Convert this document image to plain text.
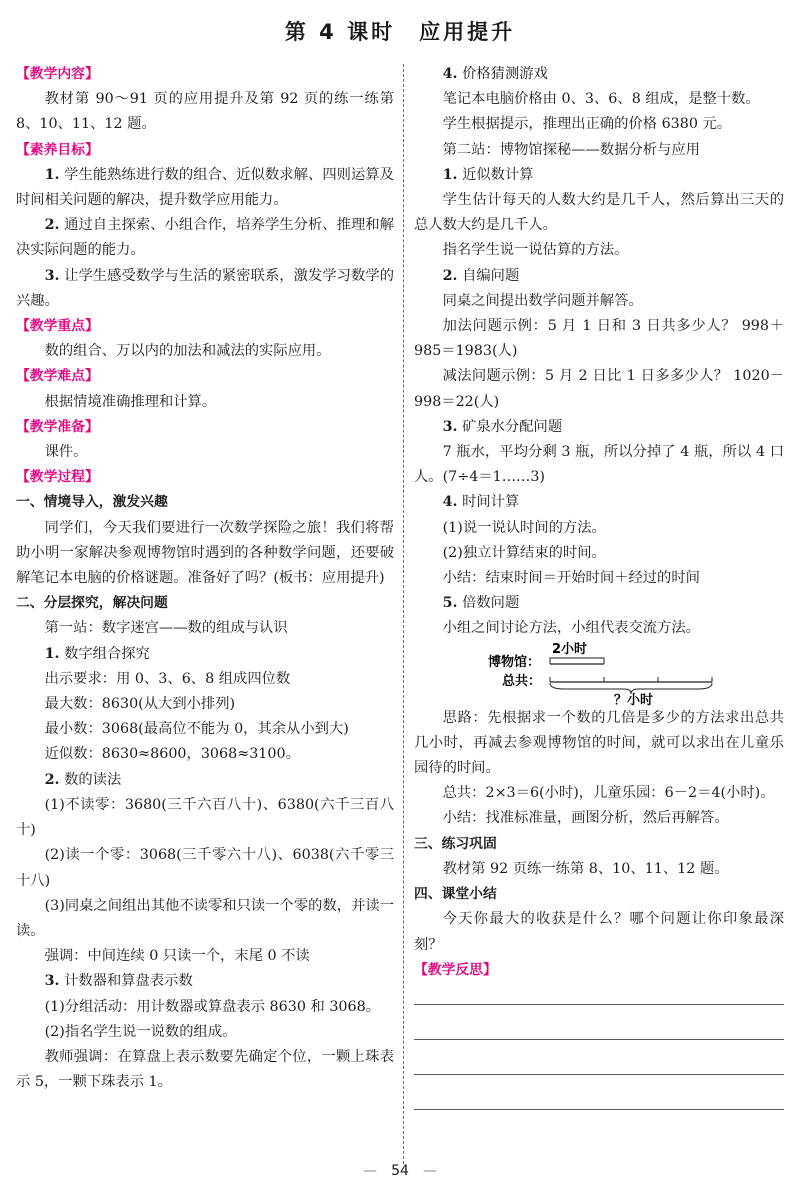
第 4 课时　应用提升

【教学内容】

教材第 90～91 页的应用提升及第 92 页的练一练第 8、10、11、12 题。

【素养目标】

1. 学生能熟练进行数的组合、近似数求解、四则运算及时间相关问题的解决，提升数学应用能力。

2. 通过自主探索、小组合作，培养学生分析、推理和解决实际问题的能力。

3. 让学生感受数学与生活的紧密联系，激发学习数学的兴趣。

【教学重点】

数的组合、万以内的加法和减法的实际应用。

【教学难点】

根据情境准确推理和计算。

【教学准备】

课件。

【教学过程】

一、情境导入，激发兴趣

同学们，今天我们要进行一次数学探险之旅！我们将帮助小明一家解决参观博物馆时遇到的各种数学问题，还要破解笔记本电脑的价格谜题。准备好了吗？(板书：应用提升)

二、分层探究，解决问题

第一站：数字迷宫——数的组成与认识

1. 数字组合探究

出示要求：用 0、3、6、8 组成四位数

最大数：8630(从大到小排列)

最小数：3068(最高位不能为 0，其余从小到大)

近似数：8630≈8600，3068≈3100。

2. 数的读法

(1)不读零：3680(三千六百八十)、6380(六千三百八十)

(2)读一个零：3068(三千零六十八)、6038(六千零三十八)

(3)同桌之间组出其他不读零和只读一个零的数，并读一读。

强调：中间连续 0 只读一个，末尾 0 不读

3. 计数器和算盘表示数

(1)分组活动：用计数器或算盘表示 8630 和 3068。

(2)指名学生说一说数的组成。

教师强调：在算盘上表示数要先确定个位，一颗上珠表示 5，一颗下珠表示 1。

4. 价格猜测游戏

笔记本电脑价格由 0、3、6、8 组成，是整十数。

学生根据提示，推理出正确的价格 6380 元。

第二站：博物馆探秘——数据分析与应用

1. 近似数计算

学生估计每天的人数大约是几千人，然后算出三天的总人数大约是几千人。

指名学生说一说估算的方法。

2. 自编问题

同桌之间提出数学问题并解答。

加法问题示例：5 月 1 日和 3 日共多少人？ 998＋985＝1983(人)

减法问题示例：5 月 2 日比 1 日多多少人？ 1020－998＝22(人)

3. 矿泉水分配问题

7 瓶水，平均分剩 3 瓶，所以分掉了 4 瓶，所以 4 口人。(7÷4＝1……3)

4. 时间计算

(1)说一说认时间的方法。

(2)独立计算结束的时间。

小结：结束时间＝开始时间＋经过的时间

5. 倍数问题

小组之间讨论方法，小组代表交流方法。

博物馆：
2小时
总共：
？小时

思路：先根据求一个数的几倍是多少的方法求出总共几小时，再减去参观博物馆的时间，就可以求出在儿童乐园待的时间。

总共：2×3＝6(小时)，儿童乐园：6－2＝4(小时)。

小结：找准标准量，画图分析，然后再解答。

三、练习巩固

教材第 92 页练一练第 8、10、11、12 题。

四、课堂小结

今天你最大的收获是什么？哪个问题让你印象最深刻？

【教学反思】

—　54　—
